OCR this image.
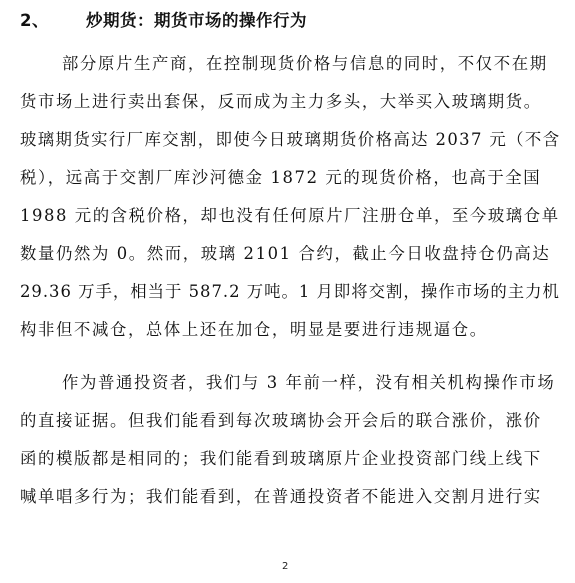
2、 炒期货：期货市场的操作行为
部分原片生产商，在控制现货价格与信息的同时，不仅不在期
货市场上进行卖出套保，反而成为主力多头，大举买入玻璃期货。
玻璃期货实行厂库交割，即使今日玻璃期货价格高达 2037 元（不含
税），远高于交割厂库沙河德金 1872 元的现货价格，也高于全国
1988 元的含税价格，却也没有任何原片厂注册仓单，至今玻璃仓单
数量仍然为 0。然而，玻璃 2101 合约，截止今日收盘持仓仍高达
29.36 万手，相当于 587.2 万吨。1 月即将交割，操作市场的主力机
构非但不减仓，总体上还在加仓，明显是要进行违规逼仓。
作为普通投资者，我们与 3 年前一样，没有相关机构操作市场
的直接证据。但我们能看到每次玻璃协会开会后的联合涨价，涨价
函的模版都是相同的；我们能看到玻璃原片企业投资部门线上线下
喊单唱多行为；我们能看到，在普通投资者不能进入交割月进行实
2
